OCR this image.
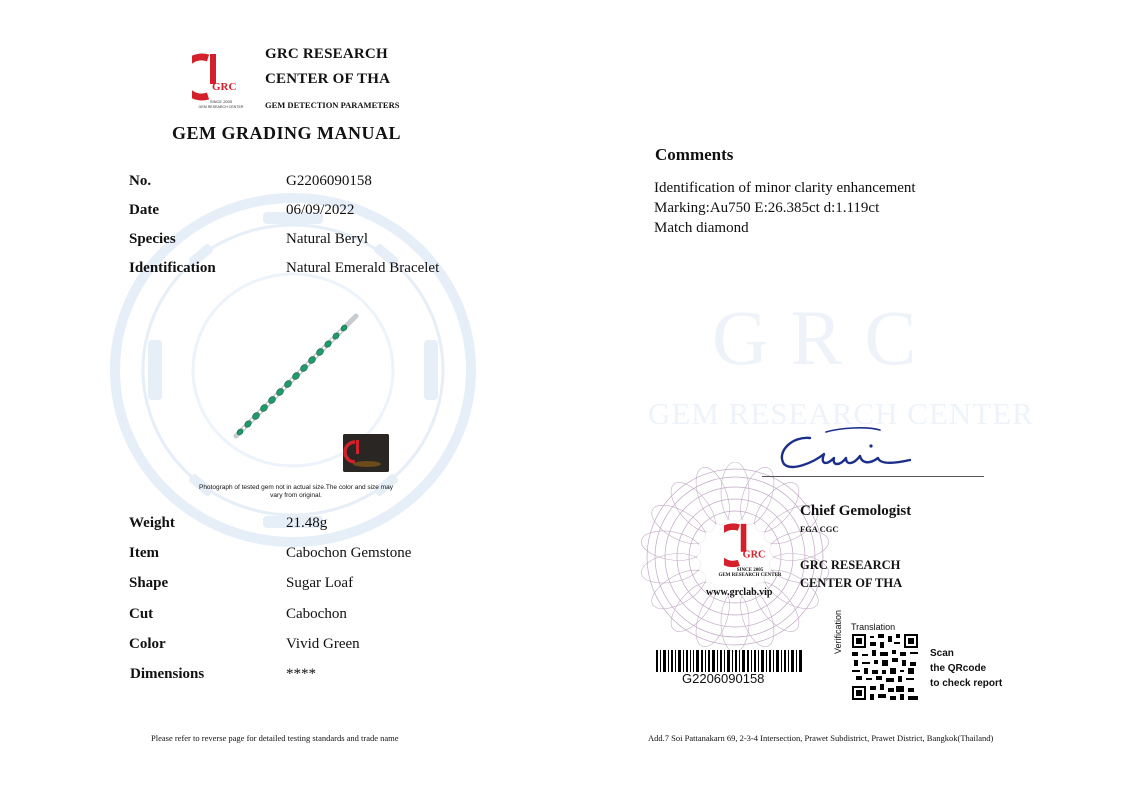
GRC
SINCE 2005
GEM RESEARCH CENTER
GRC RESEARCH
CENTER OF THA
GEM DETECTION PARAMETERS
GEM GRADING MANUAL
No.	G2206090158
Date	06/09/2022
Species	Natural Beryl
Identification	Natural Emerald Bracelet
Photograph of tested gem not in actual size.The color and size may vary from original.
Weight	21.48g
Item	Cabochon Gemstone
Shape	Sugar Loaf
Cut	Cabochon
Color	Vivid Green
Dimensions	****
Please refer to reverse page for detailed testing standards and trade name	Add.7 Soi Pattanakarn 69, 2-3-4 Intersection, Prawet Subdistrict, Prawet District, Bangkok(Thailand)
GRC
GEM RESEARCH CENTER
Comments
Identification of minor clarity enhancement
Marking:Au750 E:26.385ct d:1.119ct
Match diamond
GRC
SINCE 2005
GEM RESEARCH CENTER
Chief Gemologist
FGA CGC
GRC RESEARCH
CENTER OF THA
www.grclab.vip
G2206090158
Translation
Verification	Scan
the QRcode
to check report
